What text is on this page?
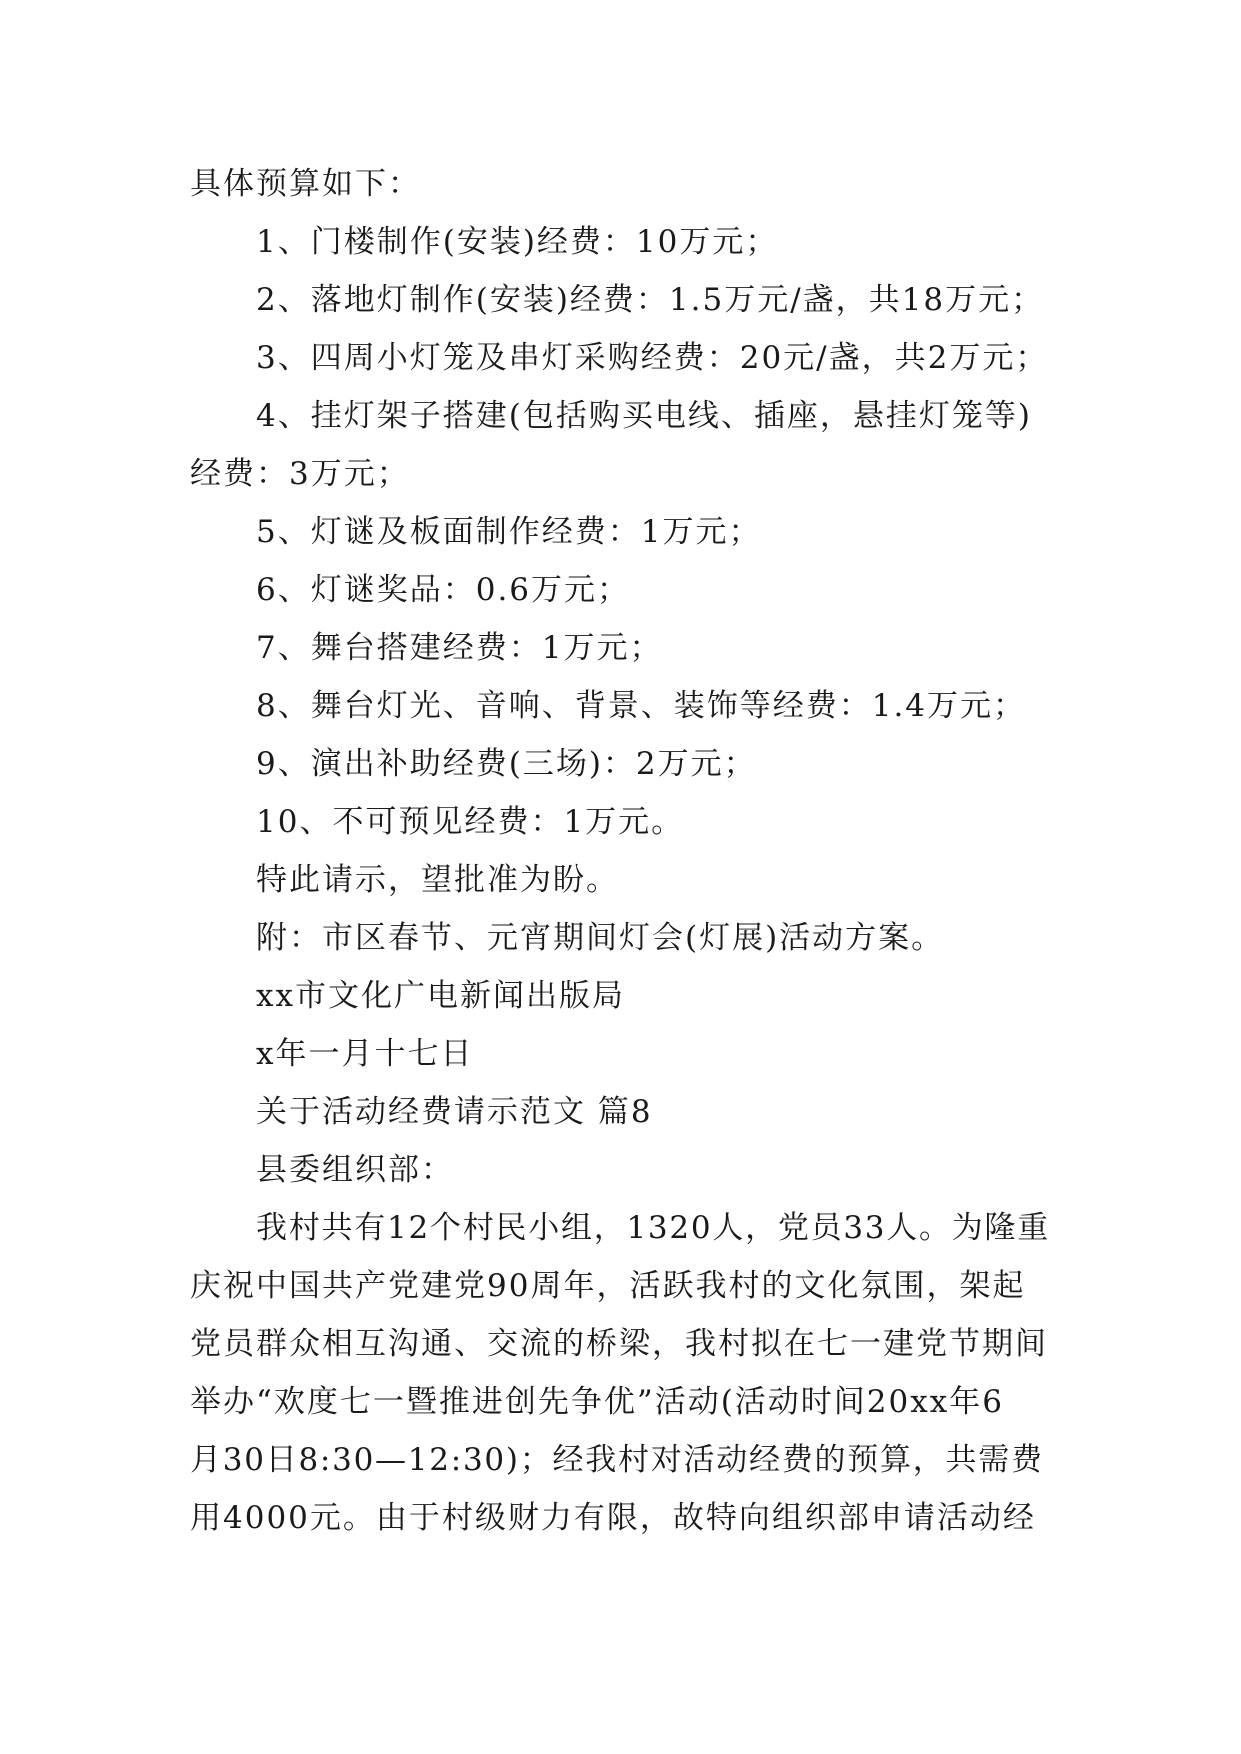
具体预算如下：
1、门楼制作(安装)经费：10万元；
2、落地灯制作(安装)经费：1.5万元/盏，共18万元；
3、四周小灯笼及串灯采购经费：20元/盏，共2万元；
4、挂灯架子搭建(包括购买电线、插座，悬挂灯笼等)
经费：3万元；
5、灯谜及板面制作经费：1万元；
6、灯谜奖品：0.6万元；
7、舞台搭建经费：1万元；
8、舞台灯光、音响、背景、装饰等经费：1.4万元；
9、演出补助经费(三场)：2万元；
10、不可预见经费：1万元。
特此请示，望批准为盼。
附：市区春节、元宵期间灯会(灯展)活动方案。
xx市文化广电新闻出版局
x年一月十七日
关于活动经费请示范文 篇8
县委组织部：
我村共有12个村民小组，1320人，党员33人。为隆重
庆祝中国共产党建党90周年，活跃我村的文化氛围，架起
党员群众相互沟通、交流的桥梁，我村拟在七一建党节期间
举办“欢度七一暨推进创先争优”活动(活动时间20xx年6
月30日8:30—12:30)；经我村对活动经费的预算，共需费
用4000元。由于村级财力有限，故特向组织部申请活动经
